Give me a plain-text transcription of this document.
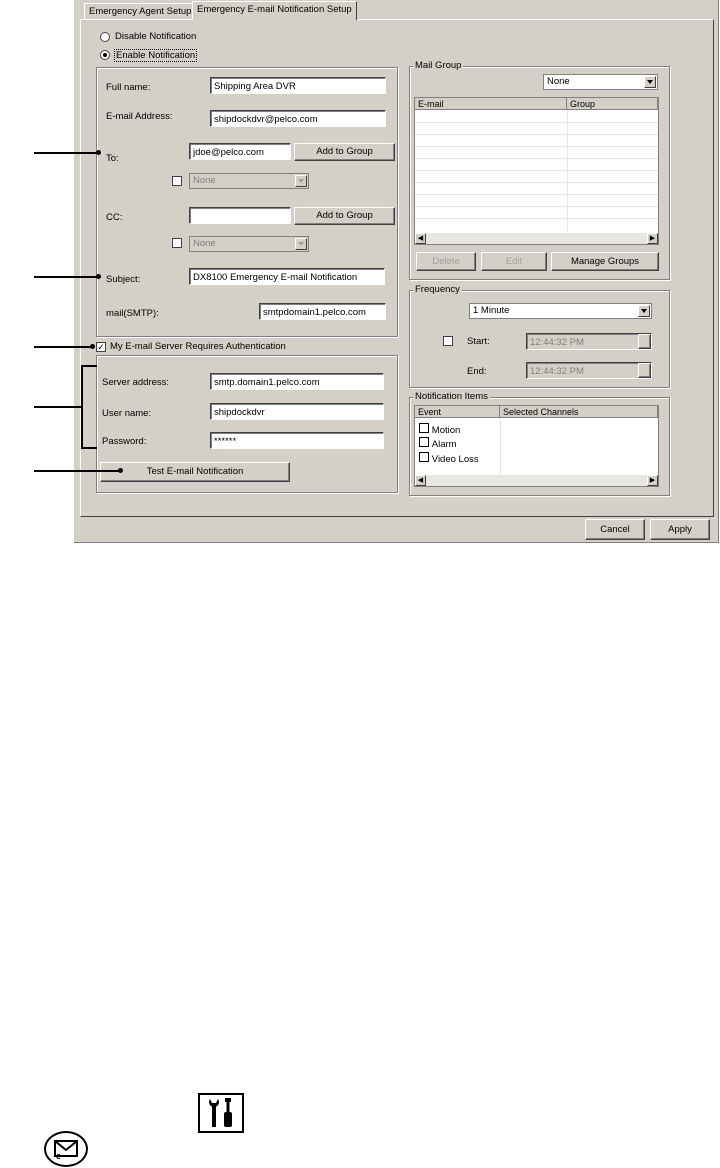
Emergency Agent Setup Emergency E-mail Notification Setup
Disable Notification
Enable Notification
Full name:	Shipping Area DVR
E-mail Address:	shipdockdvr@pelco.com
To:
jdoe@pelco.com	Add to Group
None
CC:	Add to Group
None
Subject:	DX8100 Emergency E-mail Notification
mail(SMTP):	smtpdomain1.pelco.com
✓ My E-mail Server Requires Authentication
Server address:	smtp.domain1.pelco.com
User name:	shipdockdvr
Password:	******
Test E-mail Notification
Mail Group
None
E-mail	Group
◀	▶
Delete	Edit	Manage Groups
Frequency
1 Minute
Start:	12:44:32 PM
End:	12:44:32 PM
Notification Items
Event	Selected Channels
Motion
Alarm
Video Loss
◀	▶
Cancel	Apply
e
